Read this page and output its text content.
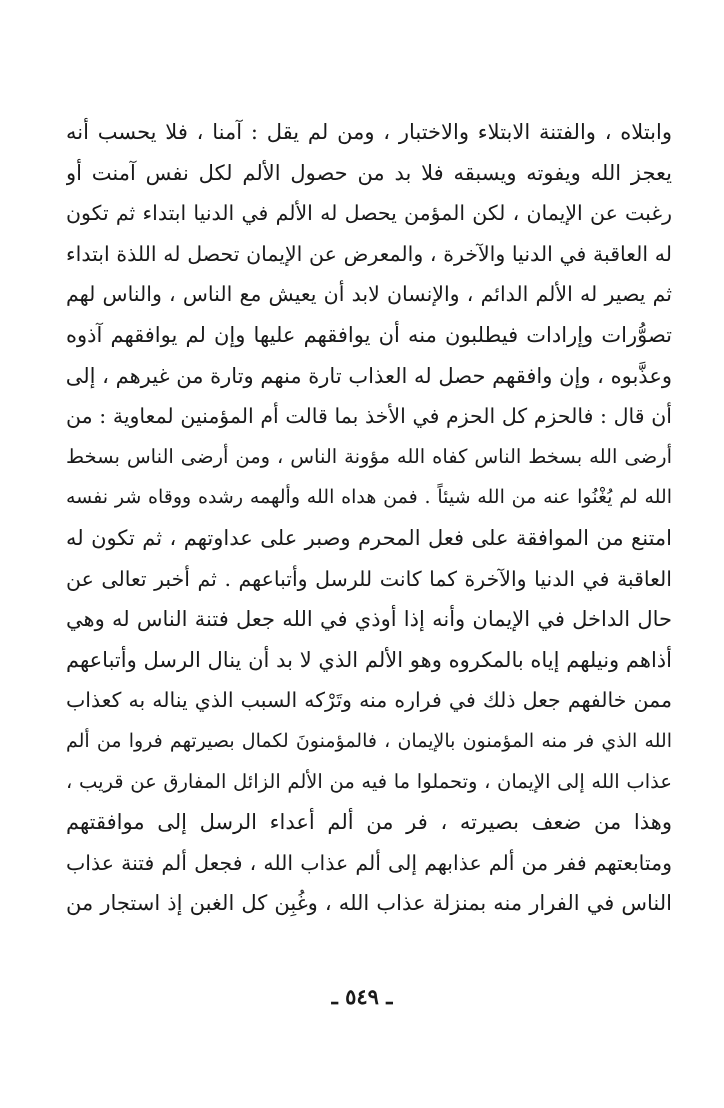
وابتلاه ، والفتنة الابتلاء والاختبار ، ومن لم يقل : آمنا ، فلا يحسب أنه
يعجز الله ويفوته ويسبقه فلا بد من حصول الألم لكل نفس آمنت أو
رغبت عن الإيمان ، لكن المؤمن يحصل له الألم في الدنيا ابتداء ثم تكون
له العاقبة في الدنيا والآخرة ، والمعرض عن الإيمان تحصل له اللذة ابتداء
ثم يصير له الألم الدائم ، والإنسان لابد أن يعيش مع الناس ، والناس لهم
تصوُّرات وإرادات فيطلبون منه أن يوافقهم عليها وإن لم يوافقهم آذوه
وعذَّبوه ، وإن وافقهم حصل له العذاب تارة منهم وتارة من غيرهم ، إلى
أن قال : فالحزم كل الحزم في الأخذ بما قالت أم المؤمنين لمعاوية : من
أرضى الله بسخط الناس كفاه الله مؤونة الناس ، ومن أرضى الناس بسخط
الله لم يُغْنُوا عنه من الله شيئاً . فمن هداه الله وألهمه رشده ووقاه شر نفسه
امتنع من الموافقة على فعل المحرم وصبر على عداوتهم ، ثم تكون له
العاقبة في الدنيا والآخرة كما كانت للرسل وأتباعهم . ثم أخبر تعالى عن
حال الداخل في الإيمان وأنه إذا أوذي في الله جعل فتنة الناس له وهي
أذاهم ونيلهم إياه بالمكروه وهو الألم الذي لا بد أن ينال الرسل وأتباعهم
ممن خالفهم جعل ذلك في فراره منه وتَرْكه السبب الذي يناله به كعذاب
الله الذي فر منه المؤمنون بالإيمان ، فالمؤمنونَ لكمال بصيرتهم فروا من ألم
عذاب الله إلى الإيمان ، وتحملوا ما فيه من الألم الزائل المفارق عن قريب ،
وهذا من ضعف بصيرته ، فر من ألم أعداء الرسل إلى موافقتهم
ومتابعتهم ففر من ألم عذابهم إلى ألم عذاب الله ، فجعل ألم فتنة عذاب
الناس في الفرار منه بمنزلة عذاب الله ، وغُبِن كل الغبن إذ استجار من
ـ ٥٤٩ ـ
